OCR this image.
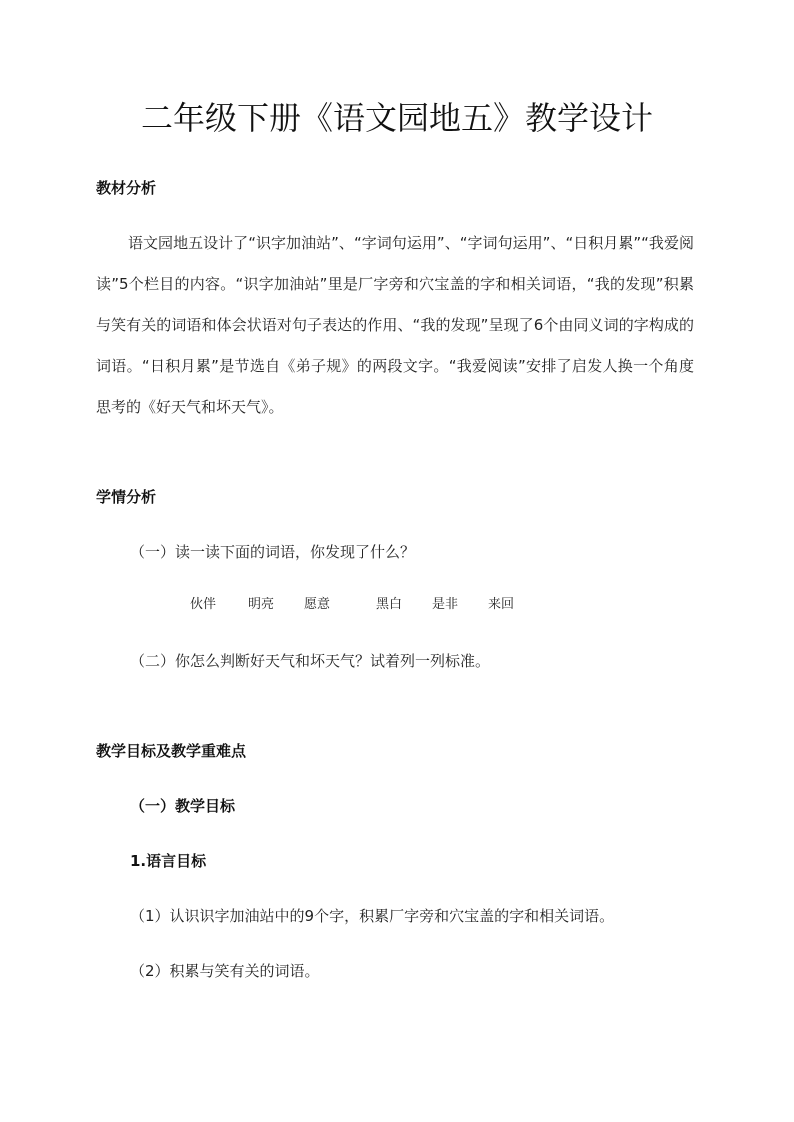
二年级下册《语文园地五》教学设计
教材分析
语文园地五设计了“识字加油站”、“字词句运用”、“字词句运用”、“日积月累”“我爱阅读”5个栏目的内容。“识字加油站”里是厂字旁和穴宝盖的字和相关词语，“我的发现”积累与笑有关的词语和体会状语对句子表达的作用、“我的发现”呈现了6个由同义词的字构成的词语。“日积月累”是节选自《弟子规》的两段文字。“我爱阅读”安排了启发人换一个角度思考的《好天气和坏天气》。
学情分析
（一）读一读下面的词语，你发现了什么？
伙伴 明亮 愿意	黑白 是非 来回
（二）你怎么判断好天气和坏天气？试着列一列标准。
教学目标及教学重难点
（一）教学目标
1.语言目标
（1）认识识字加油站中的9个字，积累厂字旁和穴宝盖的字和相关词语。
（2）积累与笑有关的词语。
